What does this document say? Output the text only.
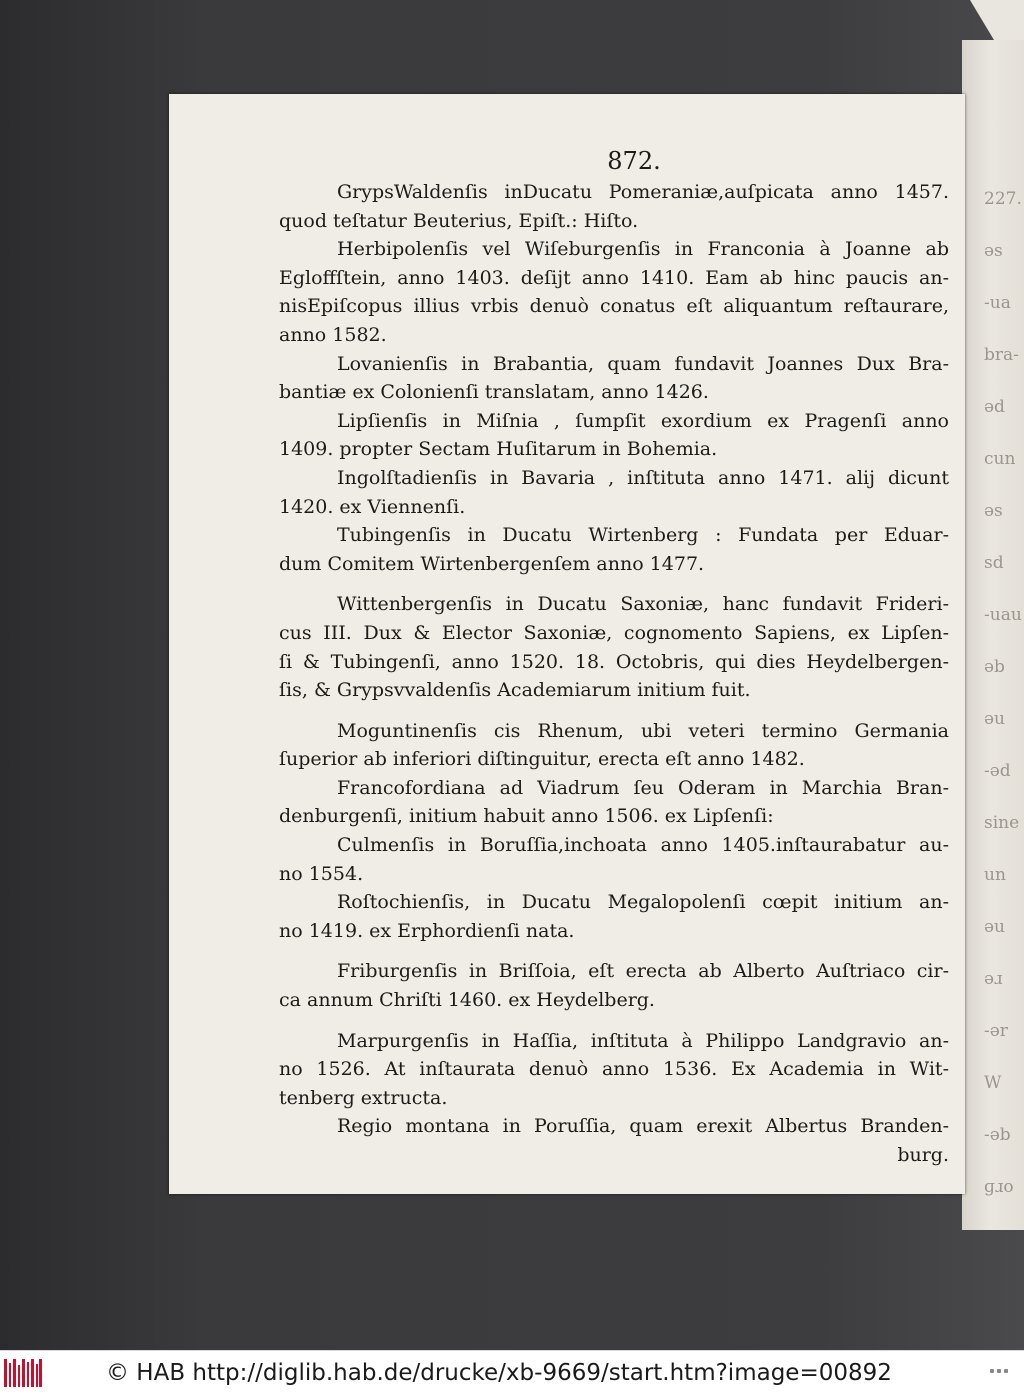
227.
ǝs
-ua
bra-
ǝd
cun
ǝs
sd
-uau
ǝb
ǝu
-ǝd
sine
un
ǝu
ǝɹ
-ǝr
W
-ǝb
ɡɹo
872.
GrypsWaldenſis inDucatu Pomeraniæ,auſpicata anno 1457.
quod teſtatur Beuterius, Epiſt.: Hiſto.
Herbipolenſis vel Wiſeburgenſis in Franconia à Joanne ab
Egloffſtein, anno 1403. deſijt anno 1410. Eam ab hinc paucis an-
nisEpiſcopus illius vrbis denuò conatus eſt aliquantum reſtaurare,
anno 1582.
Lovanienſis in Brabantia, quam fundavit Joannes Dux Bra-
bantiæ ex Colonienſi translatam, anno 1426.
Lipſienſis in Miſnia , ſumpſit exordium ex Pragenſi anno
1409. propter Sectam Huſitarum in Bohemia.
Ingolſtadienſis in Bavaria , inſtituta anno 1471. alij dicunt
1420. ex Viennenſi.
Tubingenſis in Ducatu Wirtenberg : Fundata per Eduar-
dum Comitem Wirtenbergenſem anno 1477.
Wittenbergenſis in Ducatu Saxoniæ, hanc fundavit Frideri-
cus III. Dux & Elector Saxoniæ, cognomento Sapiens, ex Lipſen-
ſi & Tubingenſi, anno 1520. 18. Octobris, qui dies Heydelbergen-
ſis, & Grypsvvaldenſis Academiarum initium fuit.
Moguntinenſis cis Rhenum, ubi veteri termino Germania
ſuperior ab inferiori diſtinguitur, erecta eſt anno 1482.
Francofordiana ad Viadrum ſeu Oderam in Marchia Bran-
denburgenſi, initium habuit anno 1506. ex Lipſenſi:
Culmenſis in Boruſſia,inchoata anno 1405.inſtaurabatur au-
no 1554.
Roſtochienſis, in Ducatu Megalopolenſi cœpit initium an-
no 1419. ex Erphordienſi nata.
Friburgenſis in Briſſoia, eſt erecta ab Alberto Auſtriaco cir-
ca annum Chriſti 1460. ex Heydelberg.
Marpurgenſis in Haſſia, inſtituta à Philippo Landgravio an-
no 1526. At inſtaurata denuò anno 1536. Ex Academia in Wit-
tenberg extructa.
Regio montana in Poruſſia, quam erexit Albertus Branden-
burg.
© HAB http://diglib.hab.de/drucke/xb-9669/start.htm?image=00892
